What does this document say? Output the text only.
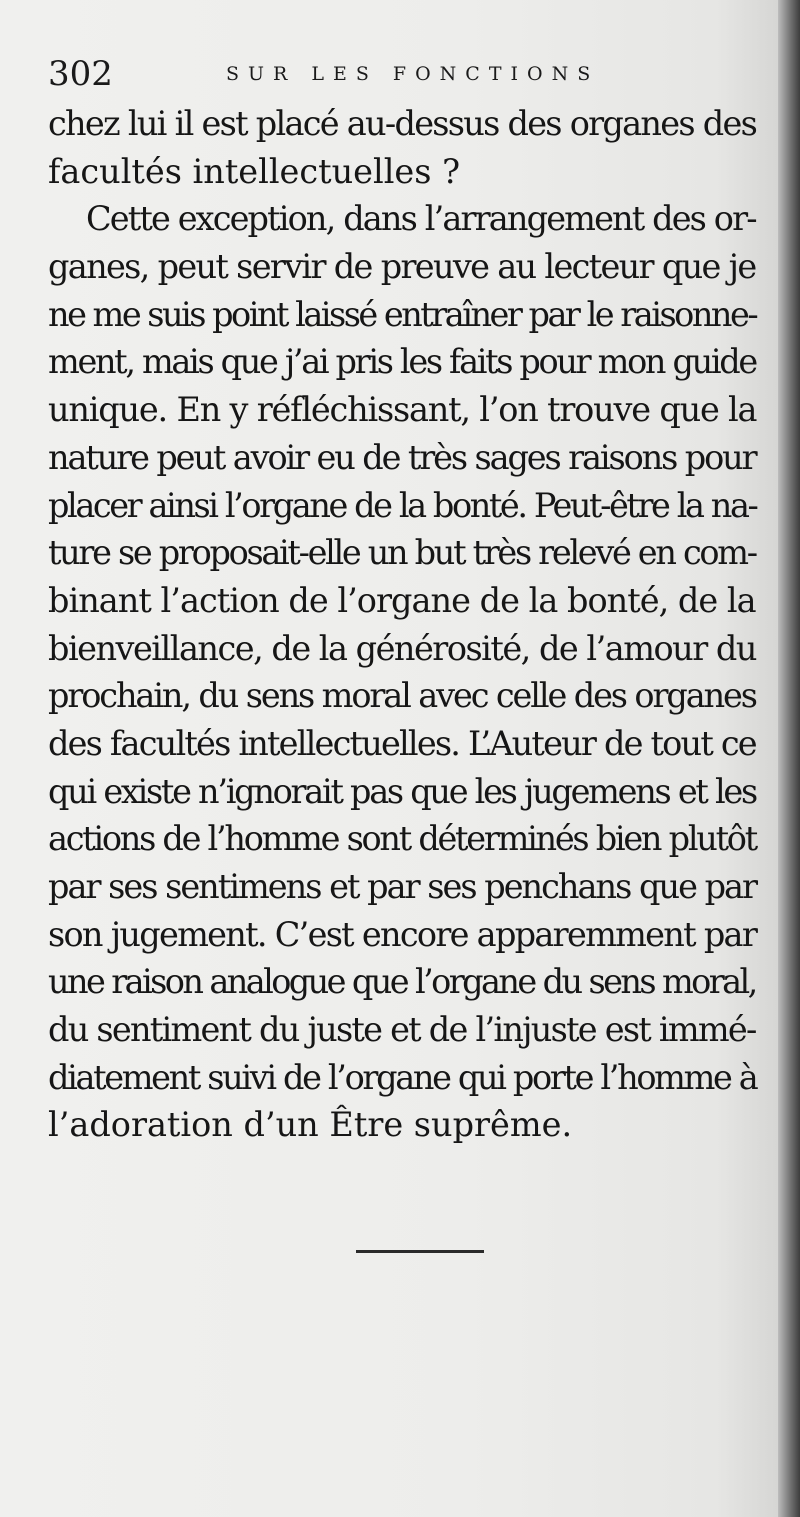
302	SUR LES FONCTIONS
chez lui il est placé au-dessus des organes des
facultés intellectuelles ?
Cette exception, dans l’arrangement des or-
ganes, peut servir de preuve au lecteur que je
ne me suis point laissé entraîner par le raisonne-
ment, mais que j’ai pris les faits pour mon guide
unique. En y réfléchissant, l’on trouve que la
nature peut avoir eu de très sages raisons pour
placer ainsi l’organe de la bonté. Peut-être la na-
ture se proposait-elle un but très relevé en com-
binant l’action de l’organe de la bonté, de la
bienveillance, de la générosité, de l’amour du
prochain, du sens moral avec celle des organes
des facultés intellectuelles. L’Auteur de tout ce
qui existe n’ignorait pas que les jugemens et les
actions de l’homme sont déterminés bien plutôt
par ses sentimens et par ses penchans que par
son jugement. C’est encore apparemment par
une raison analogue que l’organe du sens moral,
du sentiment du juste et de l’injuste est immé-
diatement suivi de l’organe qui porte l’homme à
l’adoration d’un Être suprême.
